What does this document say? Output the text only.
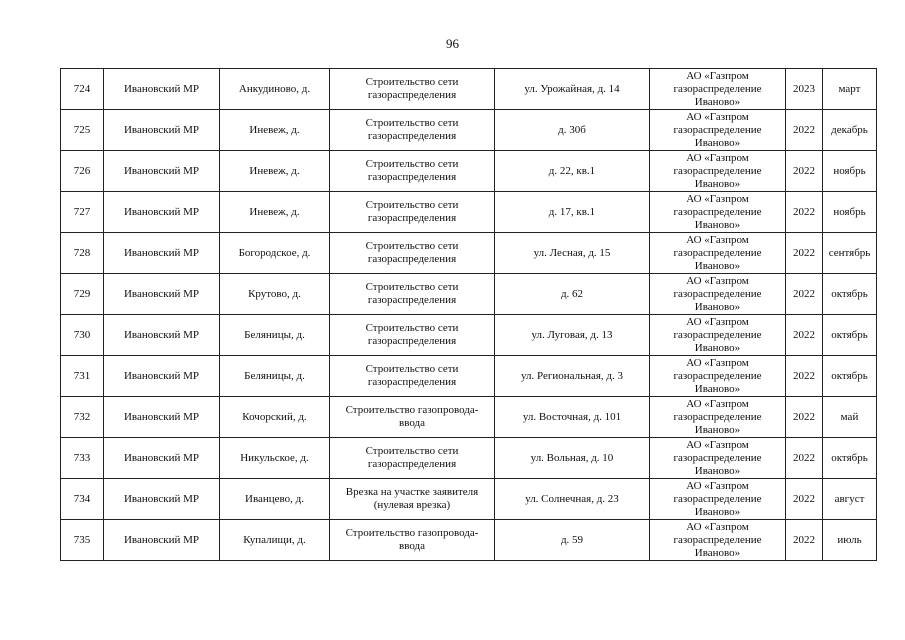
96
724	Ивановский МР	Анкудиново, д.	Строительство сети
газораспределения	ул. Урожайная, д. 14	АО «Газпром
газораспределение
Иваново»	2023	март
725	Ивановский МР	Иневеж, д.	Строительство сети
газораспределения	д. 30б	АО «Газпром
газораспределение
Иваново»	2022	декабрь
726	Ивановский МР	Иневеж, д.	Строительство сети
газораспределения	д. 22, кв.1	АО «Газпром
газораспределение
Иваново»	2022	ноябрь
727	Ивановский МР	Иневеж, д.	Строительство сети
газораспределения	д. 17, кв.1	АО «Газпром
газораспределение
Иваново»	2022	ноябрь
728	Ивановский МР	Богородское, д.	Строительство сети
газораспределения	ул. Лесная, д. 15	АО «Газпром
газораспределение
Иваново»	2022	сентябрь
729	Ивановский МР	Крутово, д.	Строительство сети
газораспределения	д. 62	АО «Газпром
газораспределение
Иваново»	2022	октябрь
730	Ивановский МР	Беляницы, д.	Строительство сети
газораспределения	ул. Луговая, д. 13	АО «Газпром
газораспределение
Иваново»	2022	октябрь
731	Ивановский МР	Беляницы, д.	Строительство сети
газораспределения	ул. Региональная, д. 3	АО «Газпром
газораспределение
Иваново»	2022	октябрь
732	Ивановский МР	Кочорский, д.	Строительство газопровода-
ввода	ул. Восточная, д. 101	АО «Газпром
газораспределение
Иваново»	2022	май
733	Ивановский МР	Никульское, д.	Строительство сети
газораспределения	ул. Вольная, д. 10	АО «Газпром
газораспределение
Иваново»	2022	октябрь
734	Ивановский МР	Иванцево, д.	Врезка на участке заявителя
(нулевая врезка)	ул. Солнечная, д. 23	АО «Газпром
газораспределение
Иваново»	2022	август
735	Ивановский МР	Купалищи, д.	Строительство газопровода-
ввода	д. 59	АО «Газпром
газораспределение
Иваново»	2022	июль
